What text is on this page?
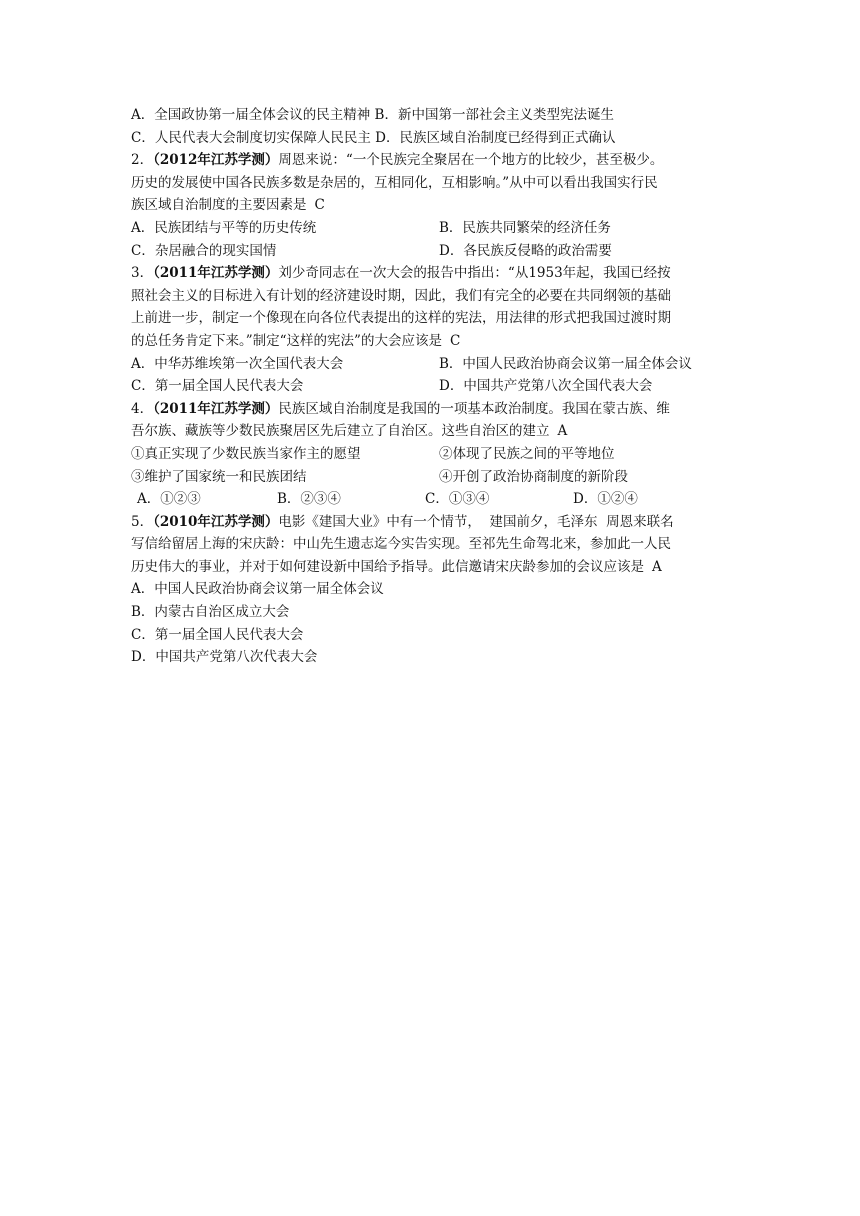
A．全国政协第一届全体会议的民主精神 B．新中国第一部社会主义类型宪法诞生
C．人民代表大会制度切实保障人民民主 D．民族区域自治制度已经得到正式确认
2．（2012年江苏学测）周恩来说：“一个民族完全聚居在一个地方的比较少，甚至极少。
历史的发展使中国各民族多数是杂居的，互相同化，互相影响。”从中可以看出我国实行民
族区域自治制度的主要因素是 C
A．民族团结与平等的历史传统	B．民族共同繁荣的经济任务
C．杂居融合的现实国情	D．各民族反侵略的政治需要
3．（2011年江苏学测）刘少奇同志在一次大会的报告中指出：“从1953年起，我国已经按
照社会主义的目标进入有计划的经济建设时期，因此，我们有完全的必要在共同纲领的基础
上前进一步，制定一个像现在向各位代表提出的这样的宪法，用法律的形式把我国过渡时期
的总任务肯定下来。”制定“这样的宪法”的大会应该是 C
A．中华苏维埃第一次全国代表大会	B．中国人民政治协商会议第一届全体会议
C．第一届全国人民代表大会	D．中国共产党第八次全国代表大会
4．（2011年江苏学测）民族区域自治制度是我国的一项基本政治制度。我国在蒙古族、维
吾尔族、藏族等少数民族聚居区先后建立了自治区。这些自治区的建立 A
①真正实现了少数民族当家作主的愿望	②体现了民族之间的平等地位
③维护了国家统一和民族团结	④开创了政治协商制度的新阶段
A．①②③	B．②③④	C．①③④	D．①②④
5．（2010年江苏学测）电影《建国大业》中有一个情节，  建国前夕，毛泽东  周恩来联名
写信给留居上海的宋庆龄：中山先生遗志迄今实告实现。至祁先生命驾北来，参加此一人民
历史伟大的事业，并对于如何建设新中国给予指导。此信邀请宋庆龄参加的会议应该是 A
A．中国人民政治协商会议第一届全体会议
B．内蒙古自治区成立大会
C．第一届全国人民代表大会
D．中国共产党第八次代表大会
